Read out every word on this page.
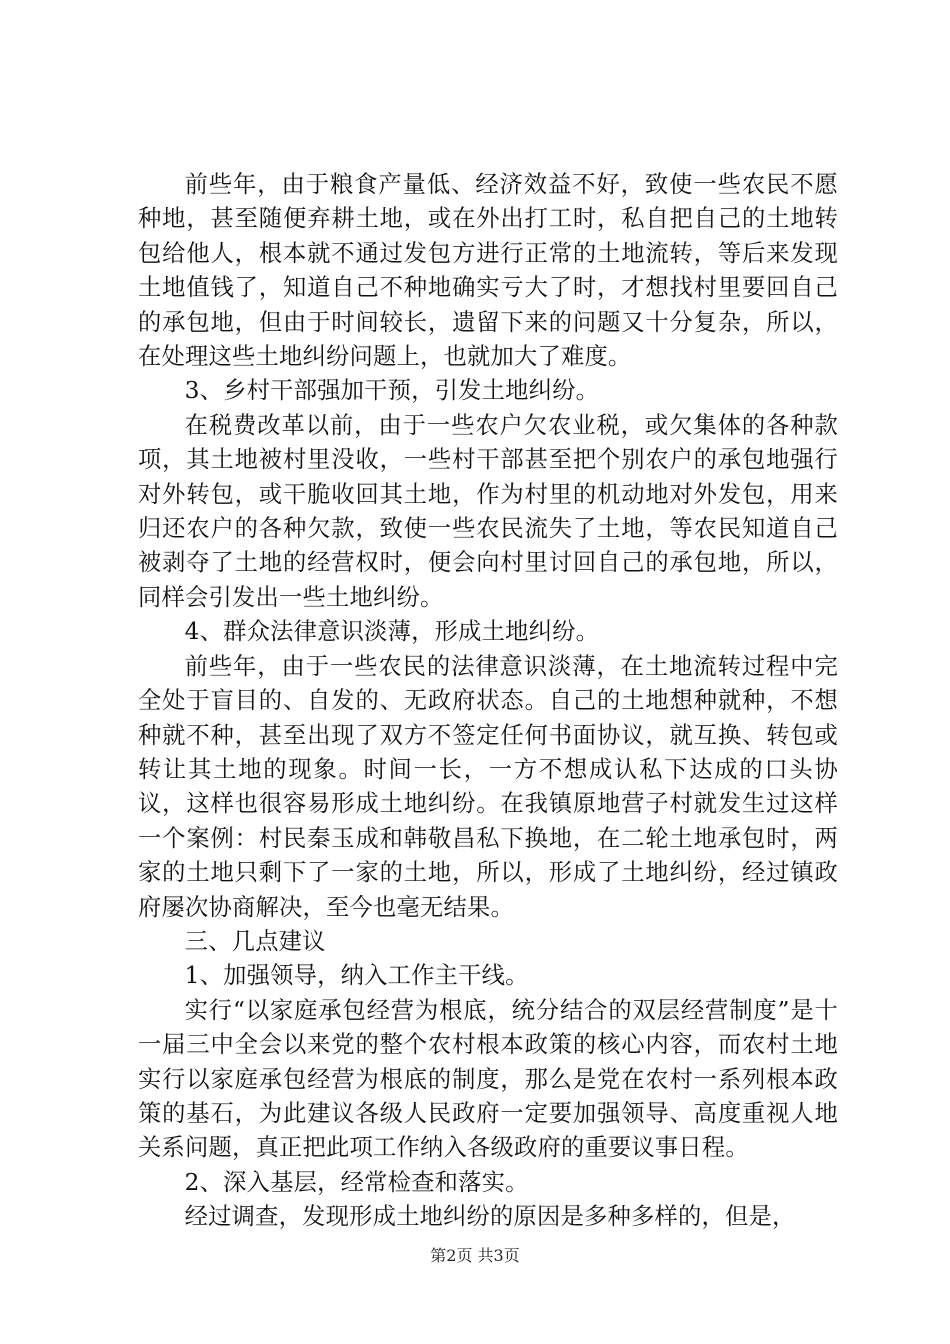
前些年，由于粮食产量低、经济效益不好，致使一些农民不愿种地，甚至随便弃耕土地，或在外出打工时，私自把自己的土地转包给他人，根本就不通过发包方进行正常的土地流转，等后来发现土地值钱了，知道自己不种地确实亏大了时，才想找村里要回自己的承包地，但由于时间较长，遗留下来的问题又十分复杂，所以，在处理这些土地纠纷问题上，也就加大了难度。

3、乡村干部强加干预，引发土地纠纷。

在税费改革以前，由于一些农户欠农业税，或欠集体的各种款项，其土地被村里没收，一些村干部甚至把个别农户的承包地强行对外转包，或干脆收回其土地，作为村里的机动地对外发包，用来归还农户的各种欠款，致使一些农民流失了土地，等农民知道自己被剥夺了土地的经营权时，便会向村里讨回自己的承包地，所以，同样会引发出一些土地纠纷。

4、群众法律意识淡薄，形成土地纠纷。

前些年，由于一些农民的法律意识淡薄，在土地流转过程中完全处于盲目的、自发的、无政府状态。自己的土地想种就种，不想种就不种，甚至出现了双方不签定任何书面协议，就互换、转包或转让其土地的现象。时间一长，一方不想成认私下达成的口头协议，这样也很容易形成土地纠纷。在我镇原地营子村就发生过这样一个案例：村民秦玉成和韩敬昌私下换地，在二轮土地承包时，两家的土地只剩下了一家的土地，所以，形成了土地纠纷，经过镇政府屡次协商解决，至今也毫无结果。

三、几点建议

1、加强领导，纳入工作主干线。

实行“以家庭承包经营为根底，统分结合的双层经营制度”是十一届三中全会以来党的整个农村根本政策的核心内容，而农村土地实行以家庭承包经营为根底的制度，那么是党在农村一系列根本政策的基石，为此建议各级人民政府一定要加强领导、高度重视人地关系问题，真正把此项工作纳入各级政府的重要议事日程。

2、深入基层，经常检查和落实。

经过调查，发现形成土地纠纷的原因是多种多样的，但是，

第2页 共3页
